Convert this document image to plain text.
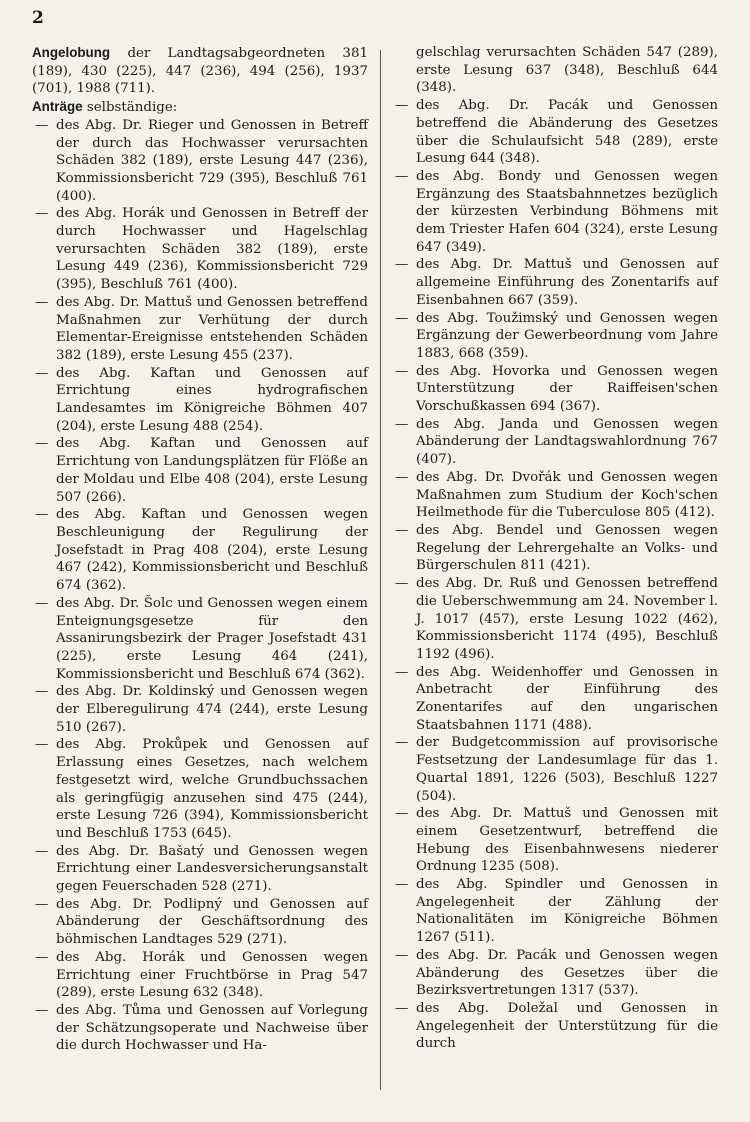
2

Angelobung der Landtagsabgeordneten 381 (189), 430 (225), 447 (236), 494 (256), 1937 (701), 1988 (711).

Anträge selbständige:

— des Abg. Dr. Rieger und Genossen in Betreff der durch das Hochwasser verursachten Schäden 382 (189), erste Lesung 447 (236), Kommissionsbericht 729 (395), Beschluß 761 (400).

— des Abg. Horák und Genossen in Betreff der durch Hochwasser und Hagelschlag verursachten Schäden 382 (189), erste Lesung 449 (236), Kommissionsbericht 729 (395), Beschluß 761 (400).

— des Abg. Dr. Mattuš und Genossen betreffend Maßnahmen zur Verhütung der durch Elementar-Ereignisse entstehenden Schäden 382 (189), erste Lesung 455 (237).

— des Abg. Kaftan und Genossen auf Errichtung eines hydrografischen Landesamtes im Königreiche Böhmen 407 (204), erste Lesung 488 (254).

— des Abg. Kaftan und Genossen auf Errichtung von Landungsplätzen für Flöße an der Moldau und Elbe 408 (204), erste Lesung 507 (266).

— des Abg. Kaftan und Genossen wegen Beschleunigung der Regulirung der Josefstadt in Prag 408 (204), erste Lesung 467 (242), Kommissionsbericht und Beschluß 674 (362).

— des Abg. Dr. Šolc und Genossen wegen einem Enteignungsgesetze für den Assanirungsbezirk der Prager Josefstadt 431 (225), erste Lesung 464 (241), Kommissionsbericht und Beschluß 674 (362).

— des Abg. Dr. Koldinský und Genossen wegen der Elberegulirung 474 (244), erste Lesung 510 (267).

— des Abg. Prokůpek und Genossen auf Erlassung eines Gesetzes, nach welchem festgesetzt wird, welche Grundbuchssachen als geringfügig anzusehen sind 475 (244), erste Lesung 726 (394), Kommissionsbericht und Beschluß 1753 (645).

— des Abg. Dr. Bašatý und Genossen wegen Errichtung einer Landesversicherungsanstalt gegen Feuerschaden 528 (271).

— des Abg. Dr. Podlipný und Genossen auf Abänderung der Geschäftsordnung des böhmischen Landtages 529 (271).

— des Abg. Horák und Genossen wegen Errichtung einer Fruchtbörse in Prag 547 (289), erste Lesung 632 (348).

— des Abg. Tůma und Genossen auf Vorlegung der Schätzungsoperate und Nachweise über die durch Hochwasser und Ha-

gelschlag verursachten Schäden 547 (289), erste Lesung 637 (348), Beschluß 644 (348).

— des Abg. Dr. Pacák und Genossen betreffend die Abänderung des Gesetzes über die Schulaufsicht 548 (289), erste Lesung 644 (348).

— des Abg. Bondy und Genossen wegen Ergänzung des Staatsbahnnetzes bezüglich der kürzesten Verbindung Böhmens mit dem Triester Hafen 604 (324), erste Lesung 647 (349).

— des Abg. Dr. Mattuš und Genossen auf allgemeine Einführung des Zonentarifs auf Eisenbahnen 667 (359).

— des Abg. Toužimský und Genossen wegen Ergänzung der Gewerbeordnung vom Jahre 1883, 668 (359).

— des Abg. Hovorka und Genossen wegen Unterstützung der Raiffeisen'schen Vorschußkassen 694 (367).

— des Abg. Janda und Genossen wegen Abänderung der Landtagswahlordnung 767 (407).

— des Abg. Dr. Dvořák und Genossen wegen Maßnahmen zum Studium der Koch'schen Heilmethode für die Tuberculose 805 (412).

— des Abg. Bendel und Genossen wegen Regelung der Lehrergehalte an Volks- und Bürgerschulen 811 (421).

— des Abg. Dr. Ruß und Genossen betreffend die Ueberschwemmung am 24. November l. J. 1017 (457), erste Lesung 1022 (462), Kommissionsbericht 1174 (495), Beschluß 1192 (496).

— des Abg. Weidenhoffer und Genossen in Anbetracht der Einführung des Zonentarifes auf den ungarischen Staatsbahnen 1171 (488).

— der Budgetcommission auf provisorische Festsetzung der Landesumlage für das 1. Quartal 1891, 1226 (503), Beschluß 1227 (504).

— des Abg. Dr. Mattuš und Genossen mit einem Gesetzentwurf, betreffend die Hebung des Eisenbahnwesens niederer Ordnung 1235 (508).

— des Abg. Spindler und Genossen in Angelegenheit der Zählung der Nationalitäten im Königreiche Böhmen 1267 (511).

— des Abg. Dr. Pacák und Genossen wegen Abänderung des Gesetzes über die Bezirksvertretungen 1317 (537).

— des Abg. Doležal und Genossen in Angelegenheit der Unterstützung für die durch
